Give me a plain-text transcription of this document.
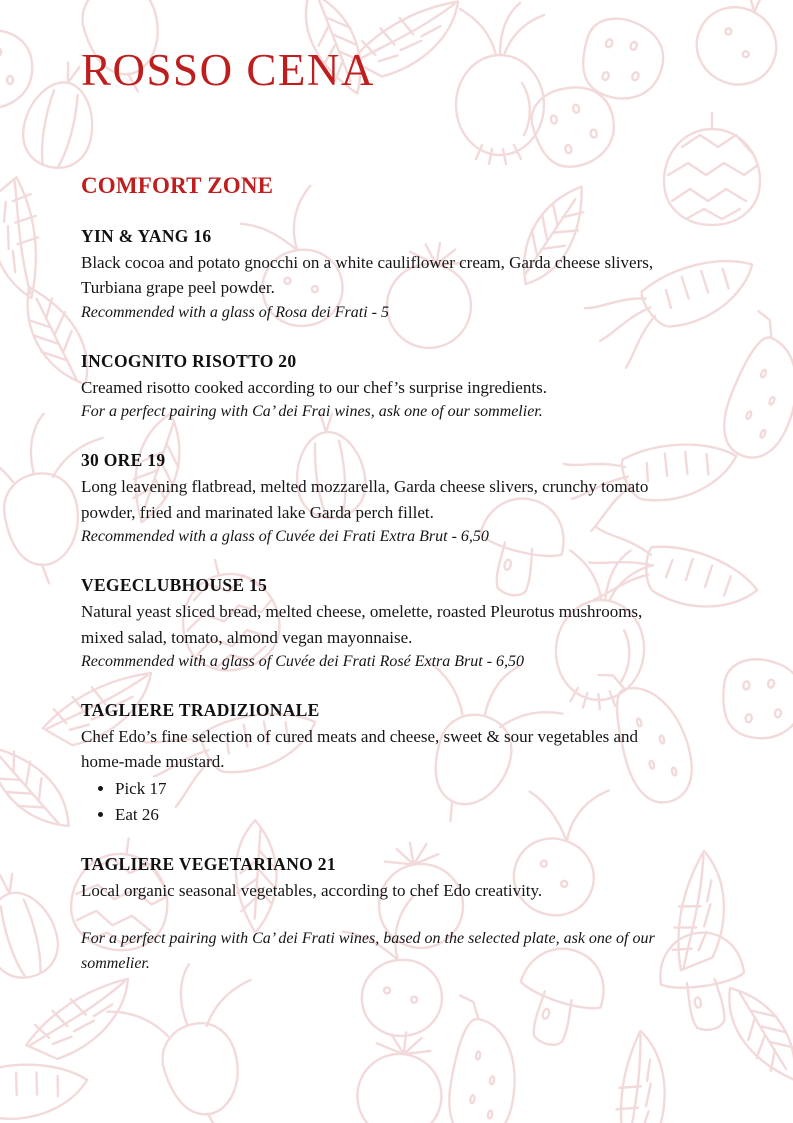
ROSSO CENA
COMFORT ZONE
YIN & YANG 16
Black cocoa and potato gnocchi on a white cauliflower cream, Garda cheese slivers, Turbiana grape peel powder.
Recommended with a glass of Rosa dei Frati - 5
INCOGNITO RISOTTO 20
Creamed risotto cooked according to our chef’s surprise ingredients.
For a perfect pairing with Ca’ dei Frai wines, ask one of our sommelier.
30 ORE 19
Long leavening flatbread, melted mozzarella, Garda cheese slivers, crunchy tomato powder, fried and marinated lake Garda perch fillet.
Recommended with a glass of Cuvée dei Frati Extra Brut - 6,50
VEGECLUBHOUSE 15
Natural yeast sliced bread, melted cheese, omelette, roasted Pleurotus mushrooms, mixed salad, tomato, almond vegan mayonnaise.
Recommended with a glass of Cuvée dei Frati Rosé Extra Brut - 6,50
TAGLIERE TRADIZIONALE
Chef Edo’s fine selection of cured meats and cheese, sweet & sour vegetables and home-made mustard.
• Pick 17
• Eat 26
TAGLIERE VEGETARIANO 21
Local organic seasonal vegetables, according to chef Edo creativity.
For a perfect pairing with Ca’ dei Frati wines, based on the selected plate, ask one of our sommelier.
